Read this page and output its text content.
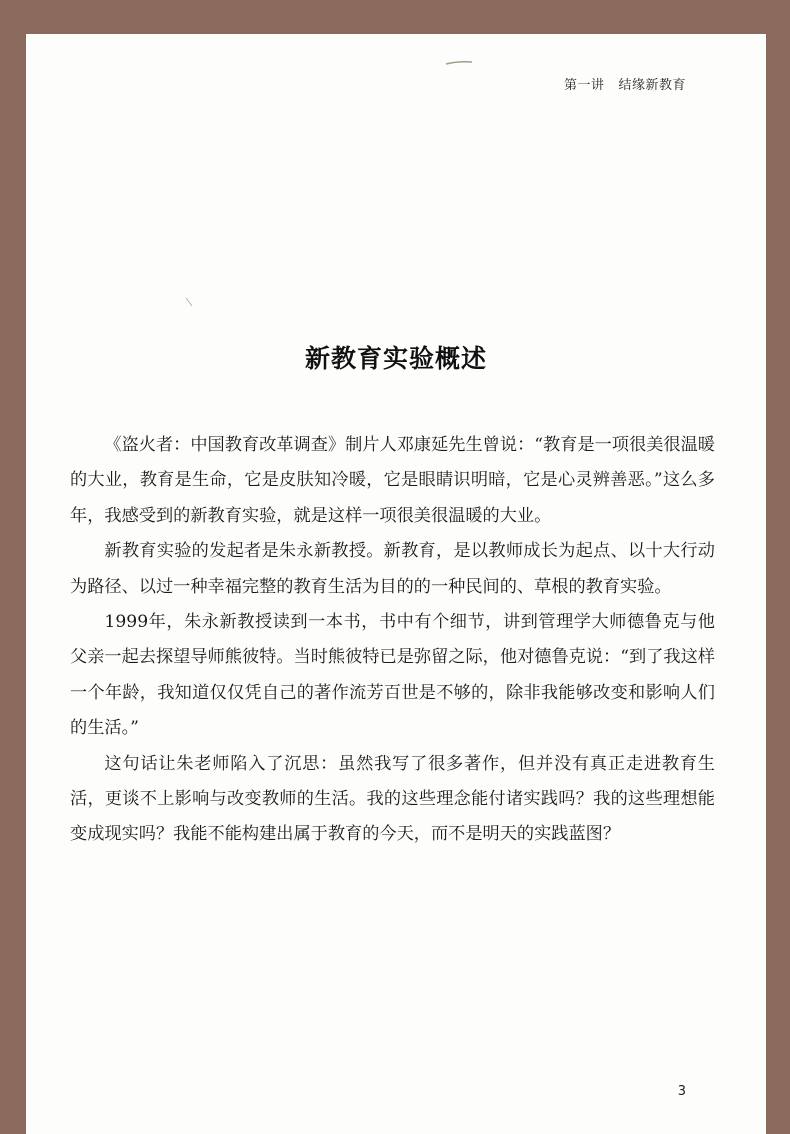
第一讲 结缘新教育
新教育实验概述

《盗火者：中国教育改革调查》制片人邓康延先生曾说：“教育是一项很美很温暖的大业，教育是生命，它是皮肤知冷暖，它是眼睛识明暗，它是心灵辨善恶。”这么多年，我感受到的新教育实验，就是这样一项很美很温暖的大业。

新教育实验的发起者是朱永新教授。新教育，是以教师成长为起点、以十大行动为路径、以过一种幸福完整的教育生活为目的的一种民间的、草根的教育实验。

1999年，朱永新教授读到一本书，书中有个细节，讲到管理学大师德鲁克与他父亲一起去探望导师熊彼特。当时熊彼特已是弥留之际，他对德鲁克说：“到了我这样一个年龄，我知道仅仅凭自己的著作流芳百世是不够的，除非我能够改变和影响人们的生活。”

这句话让朱老师陷入了沉思：虽然我写了很多著作，但并没有真正走进教育生活，更谈不上影响与改变教师的生活。我的这些理念能付诸实践吗？我的这些理想能变成现实吗？我能不能构建出属于教育的今天，而不是明天的实践蓝图？

3
